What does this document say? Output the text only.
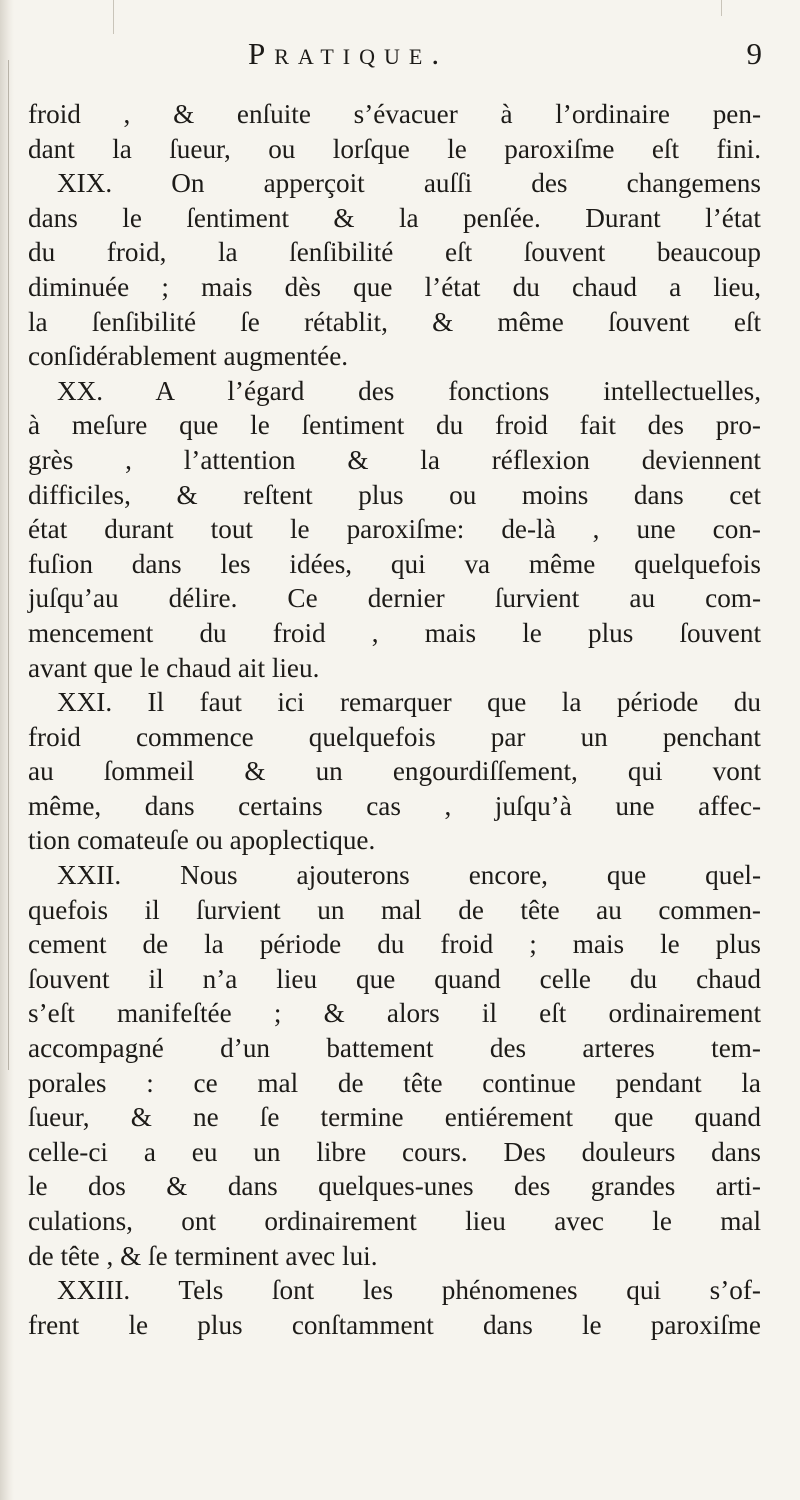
Pratique.	9
froid , & enſuite s’évacuer à l’ordinaire pen-
dant la ſueur, ou lorſque le paroxiſme eſt fini.
XIX. On apperçoit auſſi des changemens
dans le ſentiment & la penſée. Durant l’état
du froid, la ſenſibilité eſt ſouvent beaucoup
diminuée ; mais dès que l’état du chaud a lieu,
la ſenſibilité ſe rétablit, & même ſouvent eſt
conſidérablement augmentée.
XX. A l’égard des fonctions intellectuelles,
à meſure que le ſentiment du froid fait des pro-
grès , l’attention & la réflexion deviennent
difficiles, & reſtent plus ou moins dans cet
état durant tout le paroxiſme: de-là , une con-
fuſion dans les idées, qui va même quelquefois
juſqu’au délire. Ce dernier ſurvient au com-
mencement du froid , mais le plus ſouvent
avant que le chaud ait lieu.
XXI. Il faut ici remarquer que la période du
froid commence quelquefois par un penchant
au ſommeil & un engourdiſſement, qui vont
même, dans certains cas , juſqu’à une affec-
tion comateuſe ou apoplectique.
XXII. Nous ajouterons encore, que quel-
quefois il ſurvient un mal de tête au commen-
cement de la période du froid ; mais le plus
ſouvent il n’a lieu que quand celle du chaud
s’eſt manifeſtée ; & alors il eſt ordinairement
accompagné d’un battement des arteres tem-
porales : ce mal de tête continue pendant la
ſueur, & ne ſe termine entiérement que quand
celle-ci a eu un libre cours. Des douleurs dans
le dos & dans quelques-unes des grandes arti-
culations, ont ordinairement lieu avec le mal
de tête , & ſe terminent avec lui.
XXIII. Tels ſont les phénomenes qui s’of-
frent le plus conſtamment dans le paroxiſme
